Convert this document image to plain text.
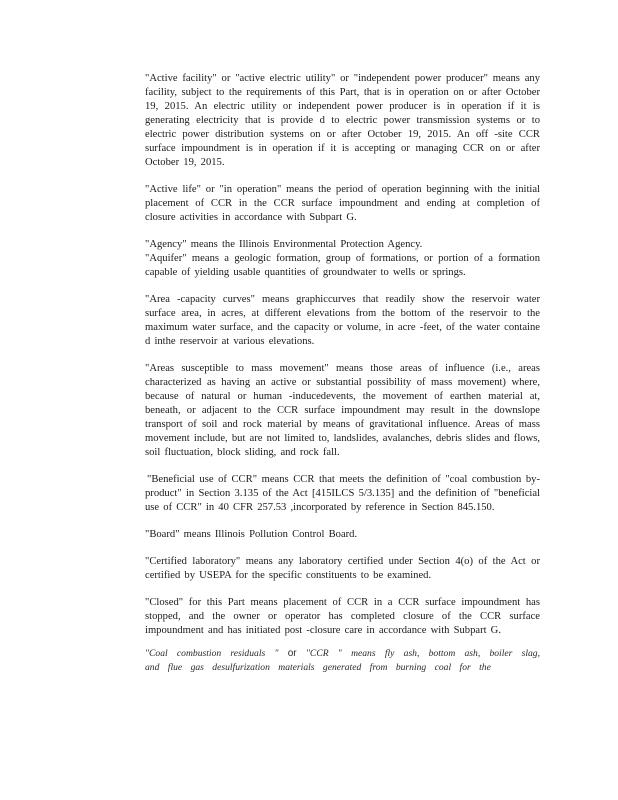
"Active facility" or "active electric utility" or "independent power producer" means any facility, subject to the requirements of this Part, that is in operation on or after October 19, 2015. An electric utility or independent power producer is in operation if it is generating electricity that is provide d to electric power transmission systems or to electric power distribution systems on or after October 19, 2015. An off -site CCR surface impoundment is in operation if it is accepting or managing CCR on or after October 19, 2015.

"Active life" or "in operation" means the period of operation beginning with the initial placement of CCR in the CCR surface impoundment and ending at completion of closure activities in accordance with Subpart G.

"Agency" means the Illinois Environmental Protection Agency.

"Aquifer" means a geologic formation, group of formations, or portion of a formation capable of yielding usable quantities of groundwater to wells or springs.

"Area -capacity curves" means graphiccurves that readily show the reservoir water surface area, in acres, at different elevations from the bottom of the reservoir to the maximum water surface, and the capacity or volume, in acre -feet, of the water containe d inthe reservoir at various elevations.

"Areas susceptible to mass movement" means those areas of influence (i.e., areas characterized as having an active or substantial possibility of mass movement) where, because of natural or human -inducedevents, the movement of earthen material at, beneath, or adjacent to the CCR surface impoundment may result in the downslope transport of soil and rock material by means of gravitational influence. Areas of mass movement include, but are not limited to, landslides, avalanches, debris slides and flows, soil fluctuation, block sliding, and rock fall.

"Beneficial use of CCR" means CCR that meets the definition of "coal combustion by-product" in Section 3.135 of the Act [415ILCS 5/3.135] and the definition of "beneficial use of CCR" in 40 CFR 257.53 ,incorporated by reference in Section 845.150.

"Board" means Illinois Pollution Control Board.

"Certified laboratory" means any laboratory certified under Section 4(o) of the Act or certified by USEPA for the specific constituents to be examined.

"Closed" for this Part means placement of CCR in a CCR surface impoundment has stopped, and the owner or operator has completed closure of the CCR surface impoundment and has initiated post -closure care in accordance with Subpart G.

"Coal combustion residuals " or "CCR " means fly ash, bottom ash, boiler slag, and flue gas desulfurization materials generated from burning coal for the
